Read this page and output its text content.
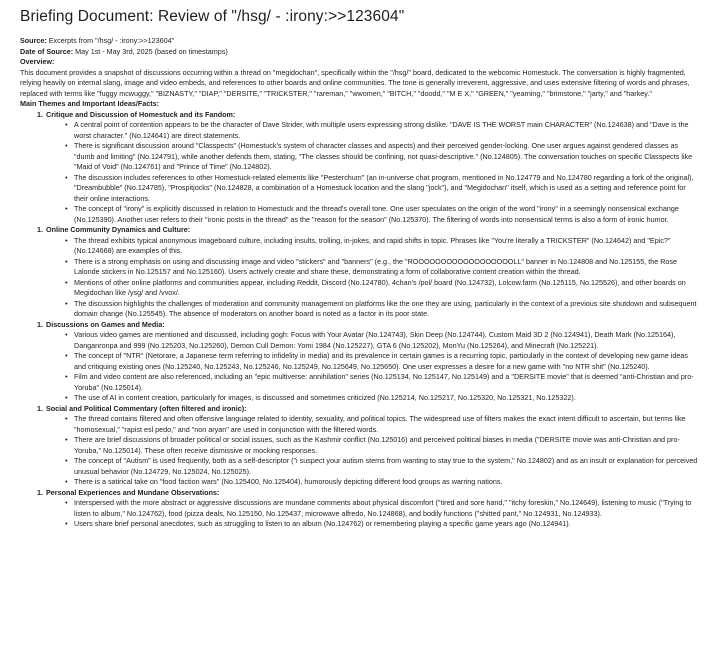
Briefing Document: Review of "/hsg/ - :irony:>>123604"

Source: Excerpts from "/hsg/ - :irony:>>123604"

Date of Source: May 1st - May 3rd, 2025 (based on timestamps)

Overview:

This document provides a snapshot of discussions occurring within a thread on "megidochan", specifically within the "/hsg/" board, dedicated to the webcomic Homestuck. The conversation is highly fragmented, relying heavily on internal slang, image and video embeds, and references to other boards and online communities. The tone is generally irreverent, aggressive, and uses extensive filtering of words and phrases, replaced with terms like "fuggy mcwuggy," "BIZNASTY," "DIAP," "DERSITE," "TRICKSTER," "rareman," "wwomen," "BITCH," "doodd," "M E X," "GREEN," "yearning," "brimstone," "jarty," and "harkey."

Main Themes and Important Ideas/Facts:

1. Critique and Discussion of Homestuck and its Fandom:
• A central point of contention appears to be the character of Dave Strider, with multiple users expressing strong dislike. "DAVE IS THE WORST main CHARACTER" (No.124638) and "Dave is the worst character." (No.124641) are direct statements.
• There is significant discussion around "Classpects" (Homestuck's system of character classes and aspects) and their perceived gender-locking. One user argues against gendered classes as "dumb and limiting" (No.124791), while another defends them, stating, "The classes should be confining, not quasi-descriptive." (No.124805). The conversation touches on specific Classpects like "Maid of Void" (No.124761) and "Prince of Time" (No.124802).
• The discussion includes references to other Homestuck-related elements like "Pesterchum" (an in-universe chat program, mentioned in No.124779 and No.124780 regarding a fork of the original), "Dreambubble" (No.124785), "Prospitjocks" (No.124828, a combination of a Homestuck location and the slang "jock"), and "Megidochan" itself, which is used as a setting and reference point for their online interactions.
• The concept of "irony" is explicitly discussed in relation to Homestuck and the thread's overall tone. One user speculates on the origin of the word "irony" in a seemingly nonsensical exchange (No.125390). Another user refers to their "ironic posts in the thread" as the "reason for the season" (No.125370). The filtering of words into nonsensical terms is also a form of ironic humor.
1. Online Community Dynamics and Culture:
• The thread exhibits typical anonymous imageboard culture, including insults, trolling, in-jokes, and rapid shifts in topic. Phrases like "You're literally a TRICKSTER" (No.124642) and "Epic?" (No.124668) are examples of this.
• There is a strong emphasis on using and discussing image and video "stickers" and "banners" (e.g., the "ROOOOOOOOOOOOOOOOOOLL" banner in No.124808 and No.125155, the Rose Lalonde stickers in No.125157 and No.125160). Users actively create and share these, demonstrating a form of collaborative content creation within the thread.
• Mentions of other online platforms and communities appear, including Reddit, Discord (No.124780), 4chan's /pol/ board (No.124732), Lolcow.farm (No.125115, No.125526), and other boards on Megidochan like /ysg/ and /vvox/.
• The discussion highlights the challenges of moderation and community management on platforms like the one they are using, particularly in the context of a previous site shutdown and subsequent domain change (No.125545). The absence of moderators on another board is noted as a factor in its poor state.
1. Discussions on Games and Media:
• Various video games are mentioned and discussed, including gogh: Focus with Your Avatar (No.124743), Skin Deep (No.124744), Custom Maid 3D 2 (No.124941), Death Mark (No.125164), Danganronpa and 999 (No.125203, No.125260), Demon Cull Demon: Yomi 1984 (No.125227), GTA 6 (No.125202), MonYu (No.125264), and Minecraft (No.125221).
• The concept of "NTR" (Netorare, a Japanese term referring to infidelity in media) and its prevalence in certain games is a recurring topic, particularly in the context of developing new game ideas and critiquing existing ones (No.125240, No.125243, No.125246, No.125249, No.125649, No.125650). One user expresses a desire for a new game with "no NTR shit" (No.125240).
• Film and video content are also referenced, including an "epic multiverse: annihilation" series (No.125134, No.125147, No.125149) and a "DERSITE movie" that is deemed "anti-Christian and pro-Yoruba" (No.125014).
• The use of AI in content creation, particularly for images, is discussed and sometimes criticized (No.125214, No.125217, No.125320, No.125321, No.125322).
1. Social and Political Commentary (often filtered and ironic):
• The thread contains filtered and often offensive language related to identity, sexuality, and political topics. The widespread use of filters makes the exact intent difficult to ascertain, but terms like "homosexual," "rapist esl pedo," and "non aryan" are used in conjunction with the filtered words.
• There are brief discussions of broader political or social issues, such as the Kashmir conflict (No.125016) and perceived political biases in media ("DERSITE movie was anti-Christian and pro-Yoruba," No.125014). These often receive dismissive or mocking responses.
• The concept of "Autism" is used frequently, both as a self-descriptor ("i suspect your autism stems from wanting to stay true to the system," No.124802) and as an insult or explanation for perceived unusual behavior (No.124729, No.125024, No.125025).
• There is a satirical take on "food faction wars" (No.125400, No.125404), humorously depicting different food groups as warring nations.
1. Personal Experiences and Mundane Observations:
• Interspersed with the more abstract or aggressive discussions are mundane comments about physical discomfort ("tired and sore hand," "itchy foreskin," No.124649), listening to music ("Trying to listen to album," No.124762), food (pizza deals, No.125150, No.125437, microwave alfredo, No.124868), and bodily functions ("shitted pant," No.124931, No.124933).
• Users share brief personal anecdotes, such as struggling to listen to an album (No.124762) or remembering playing a specific game years ago (No.124941).
